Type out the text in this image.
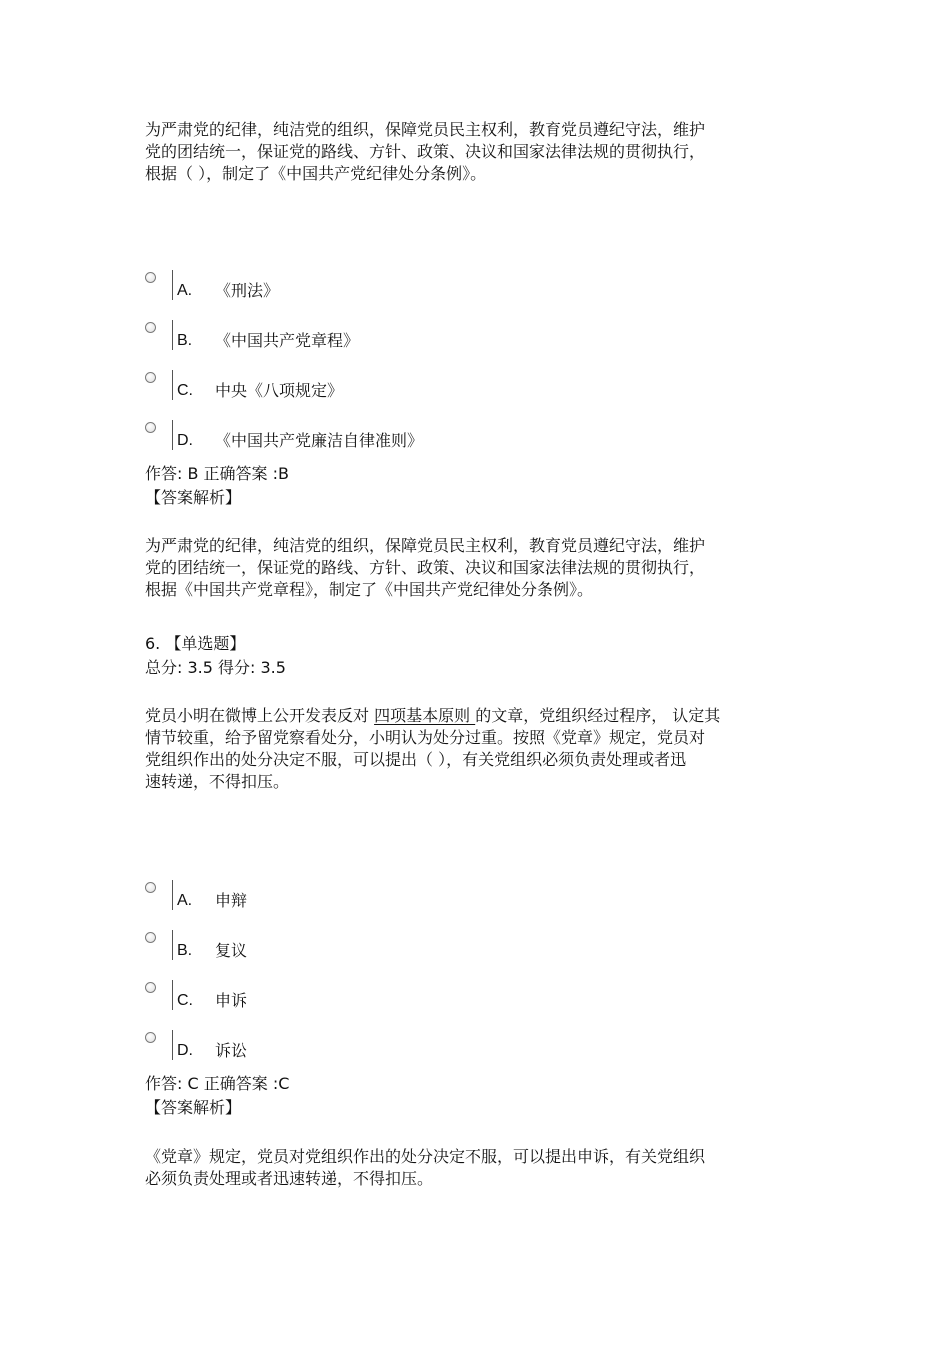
为严肃党的纪律，纯洁党的组织，保障党员民主权利，教育党员遵纪守法，维护
党的团结统一，保证党的路线、方针、政策、决议和国家法律法规的贯彻执行，
根据（ ），制定了《中国共产党纪律处分条例》。
A.	《刑法》
B.	《中国共产党章程》
C.	中央《八项规定》
D.	《中国共产党廉洁自律准则》
作答: B 正确答案 :B
【答案解析】
为严肃党的纪律，纯洁党的组织，保障党员民主权利，教育党员遵纪守法，维护
党的团结统一，保证党的路线、方针、政策、决议和国家法律法规的贯彻执行，
根据《中国共产党章程》，制定了《中国共产党纪律处分条例》。
6. 【单选题】
总分: 3.5 得分: 3.5
党员小明在微博上公开发表反对 四项基本原则 的文章，党组织经过程序， 认定其
情节较重，给予留党察看处分，小明认为处分过重。按照《党章》规定，党员对
党组织作出的处分决定不服，可以提出（ ），有关党组织必须负责处理或者迅
速转递，不得扣压。
A.	申辩
B.	复议
C.	申诉
D.	诉讼
作答: C 正确答案 :C
【答案解析】
《党章》规定，党员对党组织作出的处分决定不服，可以提出申诉，有关党组织
必须负责处理或者迅速转递，不得扣压。
